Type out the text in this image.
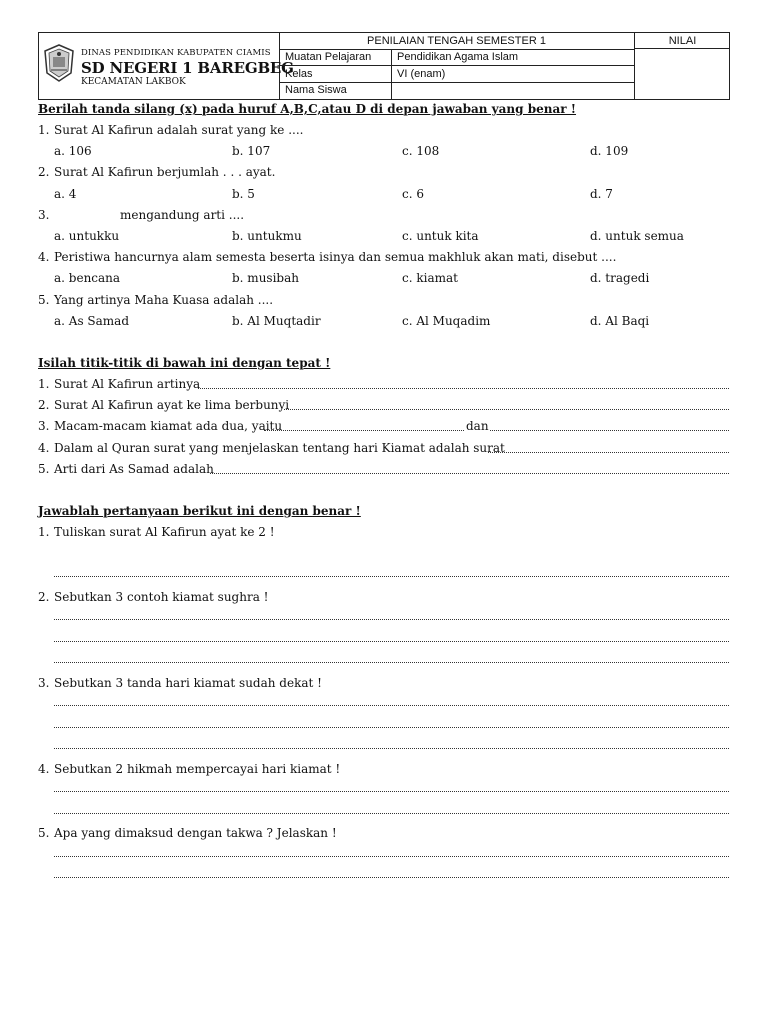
DINAS PENDIDIKAN KABUPATEN CIAMIS
SD NEGERI 1 BAREGBEG
KECAMATAN LAKBOK
PENILAIAN TENGAH SEMESTER 1
Muatan Pelajaran Pendidikan Agama Islam
Kelas	VI (enam)
Nama Siswa
NILAI
Berilah tanda silang (x) pada huruf A,B,C,atau D di depan jawaban yang benar !
1. Surat Al Kafirun adalah surat yang ke ....
a. 106	b. 107	c. 108	d. 109
2. Surat Al Kafirun berjumlah . . . ayat.
a. 4	b. 5	c. 6	d. 7
3.	mengandung arti ....
a. untukku	b. untukmu	c. untuk kita	d. untuk semua
4. Peristiwa hancurnya alam semesta beserta isinya dan semua makhluk akan mati, disebut ....
a. bencana	b. musibah	c. kiamat	d. tragedi
5. Yang artinya Maha Kuasa adalah ....
a. As Samad	b. Al Muqtadir	c. Al Muqadim	d. Al Baqi
Isilah titik-titik di bawah ini dengan tepat !
1. Surat Al Kafirun artinya
2. Surat Al Kafirun ayat ke lima berbunyi
3. Macam-macam kiamat ada dua, yaitu	dan
4. Dalam al Quran surat yang menjelaskan tentang hari Kiamat adalah surat
5. Arti dari As Samad adalah
Jawablah pertanyaan berikut ini dengan benar !
1. Tuliskan surat Al Kafirun ayat ke 2 !
2. Sebutkan 3 contoh kiamat sughra !
3. Sebutkan 3 tanda hari kiamat sudah dekat !
4. Sebutkan 2 hikmah mempercayai hari kiamat !
5. Apa yang dimaksud dengan takwa ? Jelaskan !
